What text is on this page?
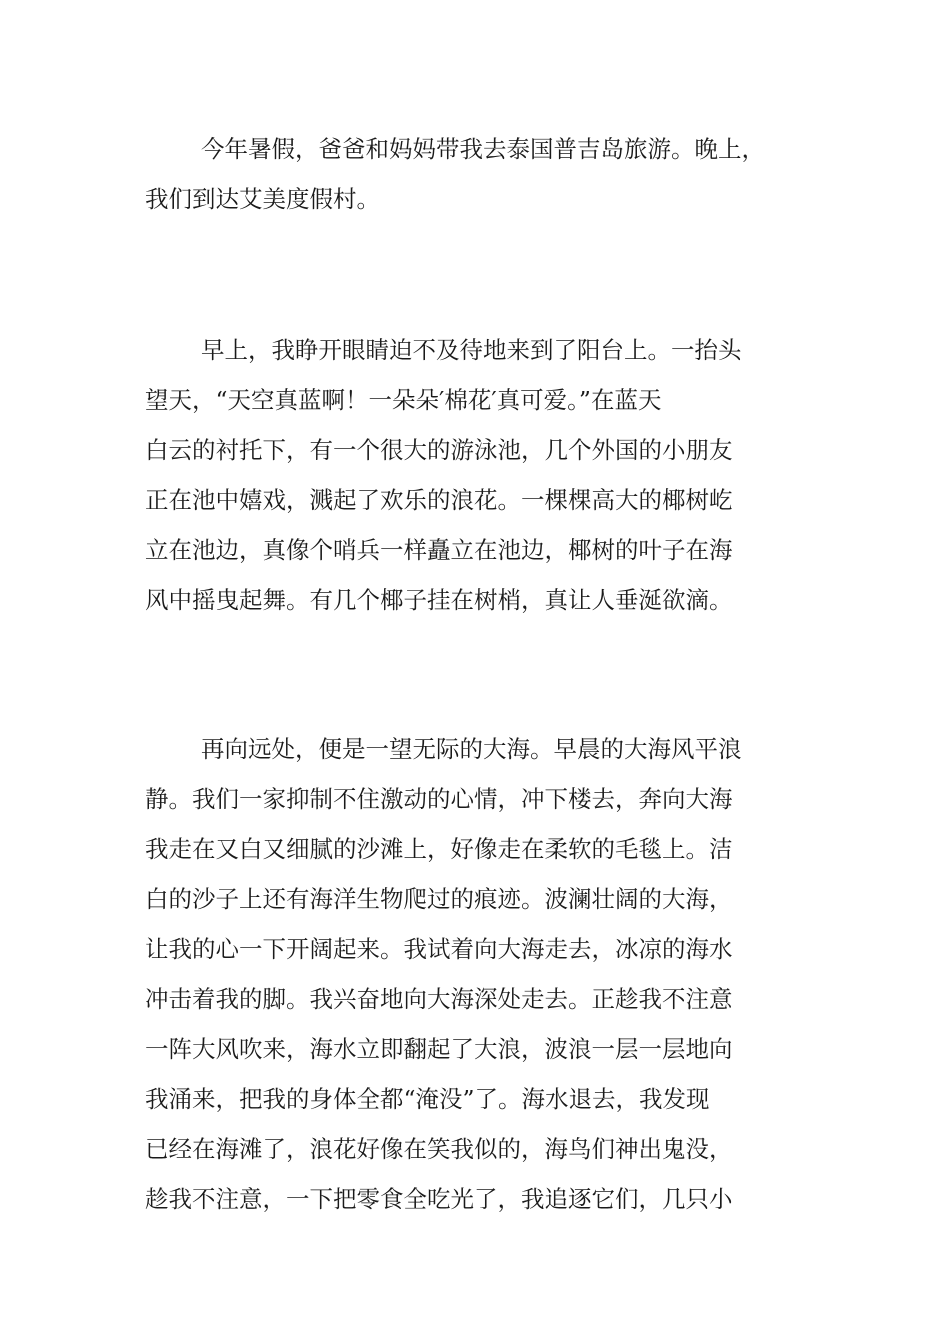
今年暑假，爸爸和妈妈带我去泰国普吉岛旅游。晚上，
我们到达艾美度假村。
早上，我睁开眼睛迫不及待地来到了阳台上。一抬头
望天，“天空真蓝啊！一朵朵′棉花′真可爱。”在蓝天
白云的衬托下，有一个很大的游泳池，几个外国的小朋友
正在池中嬉戏，溅起了欢乐的浪花。一棵棵高大的椰树屹
立在池边，真像个哨兵一样矗立在池边，椰树的叶子在海
风中摇曳起舞。有几个椰子挂在树梢，真让人垂涎欲滴。
再向远处，便是一望无际的大海。早晨的大海风平浪
静。我们一家抑制不住激动的心情，冲下楼去，奔向大海
我走在又白又细腻的沙滩上，好像走在柔软的毛毯上。洁
白的沙子上还有海洋生物爬过的痕迹。波澜壮阔的大海，
让我的心一下开阔起来。我试着向大海走去，冰凉的海水
冲击着我的脚。我兴奋地向大海深处走去。正趁我不注意
一阵大风吹来，海水立即翻起了大浪，波浪一层一层地向
我涌来，把我的身体全都“淹没”了。海水退去，我发现
已经在海滩了，浪花好像在笑我似的，海鸟们神出鬼没，
趁我不注意，一下把零食全吃光了，我追逐它们，几只小
